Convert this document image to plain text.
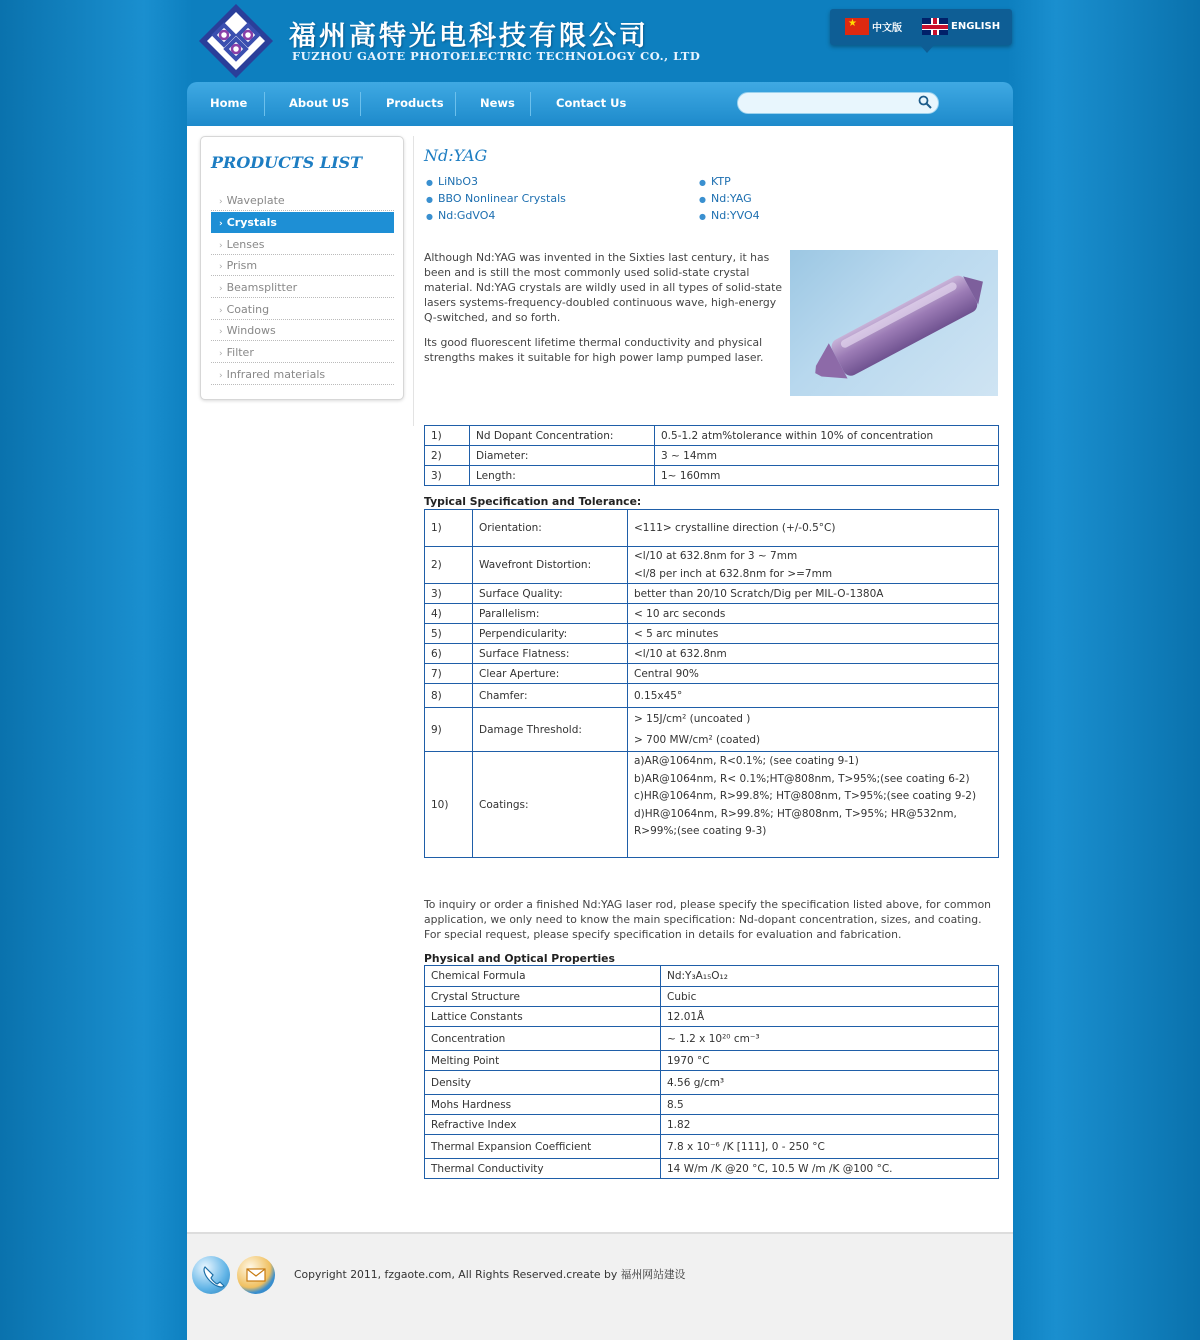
福州高特光电科技有限公司
FUZHOU GAOTE PHOTOELECTRIC TECHNOLOGY CO., LTD
★
中文版	ENGLISH
Home	About US	Products	News	Contact Us
PRODUCTS LIST
› Waveplate
› Crystals
› Lenses
› Prism
› Beamsplitter
› Coating
› Windows
› Filter
› Infrared materials
Nd:YAG
● LiNbO3	● KTP
● BBO Nonlinear Crystals	● Nd:YAG
● Nd:GdVO4	● Nd:YVO4
Although Nd:YAG was invented in the Sixties last century, it has been and is still the most commonly used solid-state crystal material. Nd:YAG crystals are wildly used in all types of solid-state lasers systems-frequency-doubled continuous wave, high-energy Q-switched, and so forth.
Its good fluorescent lifetime thermal conductivity and physical strengths makes it suitable for high power lamp pumped laser.
1)	Nd Dopant Concentration:	0.5-1.2 atm%tolerance within 10% of concentration
2)	Diameter:	3 ~ 14mm
3)	Length:	1~ 160mm
Typical Specification and Tolerance:
1)	Orientation:	<111> crystalline direction (+/-0.5°C)
2)	Wavefront Distortion:	<l/10 at 632.8nm for 3 ~ 7mm
<l/8 per inch at 632.8nm for >=7mm

3)	Surface Quality:	better than 20/10 Scratch/Dig per MIL-O-1380A
4)	Parallelism:	< 10 arc seconds
5)	Perpendicularity:	< 5 arc minutes
6)	Surface Flatness:	<l/10 at 632.8nm
7)	Clear Aperture:	Central 90%
8)	Chamfer:	0.15x45°
9)	Damage Threshold:	> 15J/cm² (uncoated )
> 700 MW/cm² (coated)

10)	Coatings:	a)AR@1064nm, R<0.1%; (see coating 9-1)
b)AR@1064nm, R< 0.1%;HT@808nm, T>95%;(see coating 6-2)
c)HR@1064nm, R>99.8%; HT@808nm, T>95%;(see coating 9-2)
d)HR@1064nm, R>99.8%; HT@808nm, T>95%; HR@532nm, R>99%;(see coating 9-3)
To inquiry or order a finished Nd:YAG laser rod, please specify the specification listed above, for common application, we only need to know the main specification: Nd-dopant concentration, sizes, and coating. For special request, please specify specification in details for evaluation and fabrication.
Physical and Optical Properties
Chemical Formula	Nd:Y₃A₁₅O₁₂
Crystal Structure	Cubic
Lattice Constants	12.01Å
Concentration	~ 1.2 x 10²⁰ cm⁻³
Melting Point	1970 °C
Density	4.56 g/cm³
Mohs Hardness	8.5
Refractive Index	1.82
Thermal Expansion Coefficient	7.8 x 10⁻⁶ /K [111], 0 - 250 °C
Thermal Conductivity	14 W/m /K @20 °C, 10.5 W /m /K @100 °C.
Copyright 2011, fzgaote.com, All Rights Reserved.create by 福州网站建设
